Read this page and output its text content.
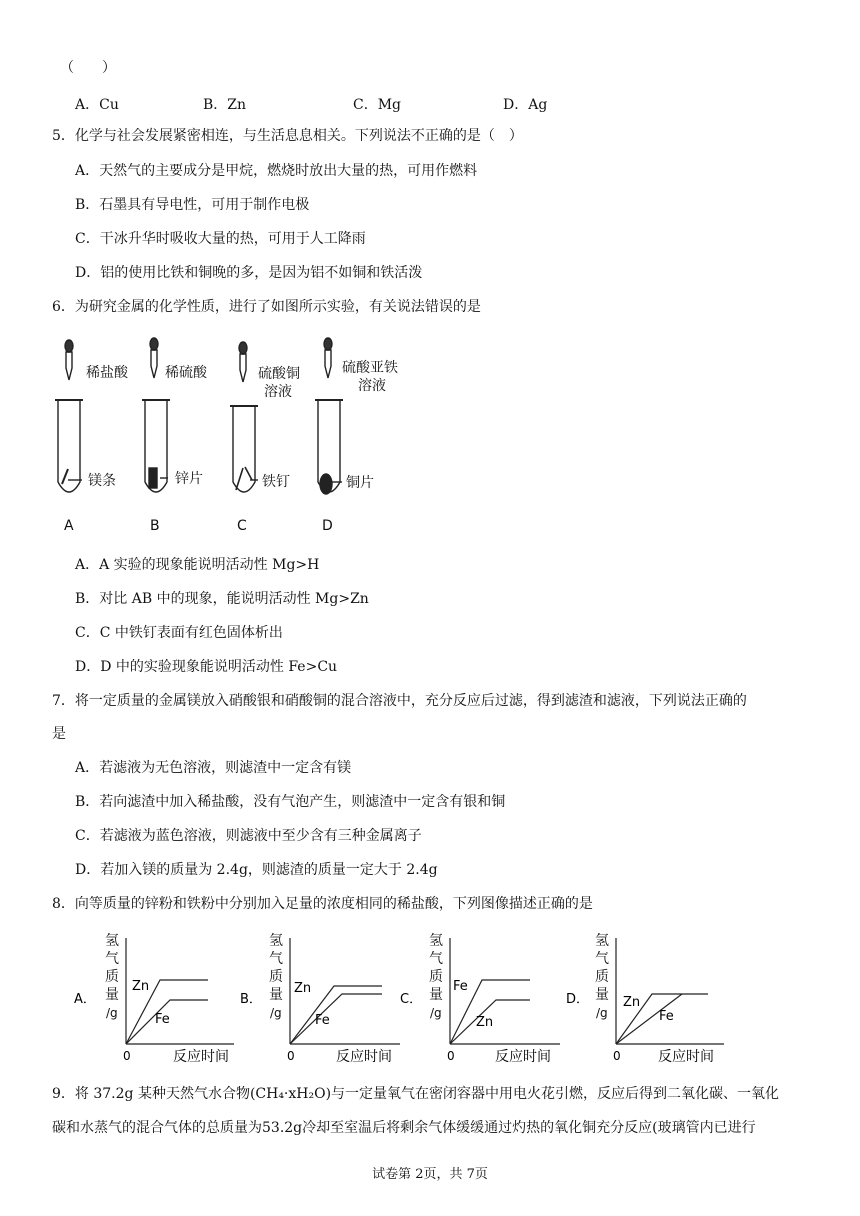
（　　）
A．Cu	B．Zn	C．Mg	D．Ag
5．化学与社会发展紧密相连，与生活息息相关。下列说法不正确的是（　）
A．天然气的主要成分是甲烷，燃烧时放出大量的热，可用作燃料
B．石墨具有导电性，可用于制作电极
C．干冰升华时吸收大量的热，可用于人工降雨
D．铝的使用比铁和铜晚的多，是因为铝不如铜和铁活泼
6．为研究金属的化学性质，进行了如图所示实验，有关说法错误的是
稀盐酸	稀硫酸	硫酸铜
溶液
硫酸亚铁
溶液
镁条	锌片	铁钉	铜片
A	B	C	D
A．A 实验的现象能说明活动性 Mg>H
B．对比 AB 中的现象，能说明活动性 Mg>Zn
C．C 中铁钉表面有红色固体析出
D．D 中的实验现象能说明活动性 Fe>Cu
7．将一定质量的金属镁放入硝酸银和硝酸铜的混合溶液中，充分反应后过滤，得到滤渣和滤液，下列说法正确的
是
A．若滤液为无色溶液，则滤渣中一定含有镁
B．若向滤渣中加入稀盐酸，没有气泡产生，则滤渣中一定含有银和铜
C．若滤液为蓝色溶液，则滤液中至少含有三种金属离子
D．若加入镁的质量为 2.4g，则滤渣的质量一定大于 2.4g
8．向等质量的锌粉和铁粉中分别加入足量的浓度相同的稀盐酸，下列图像描述正确的是
A．
氢
气
质
量
/g
Zn
Fe
0	反应时间
B．
氢
气
质
量
/g
Zn
Fe
0	反应时间
C．
氢
气
质
量
/g
Fe
Zn
0	反应时间
D．
氢
气
质
量
/g
Zn
Fe
0	反应时间
9．将 37.2g 某种天然气水合物(CH₄·xH₂O)与一定量氧气在密闭容器中用电火花引燃，反应后得到二氧化碳、一氧化
碳和水蒸气的混合气体的总质量为53.2g冷却至室温后将剩余气体缓缓通过灼热的氧化铜充分反应(玻璃管内已进行
试卷第 2页，共 7页
